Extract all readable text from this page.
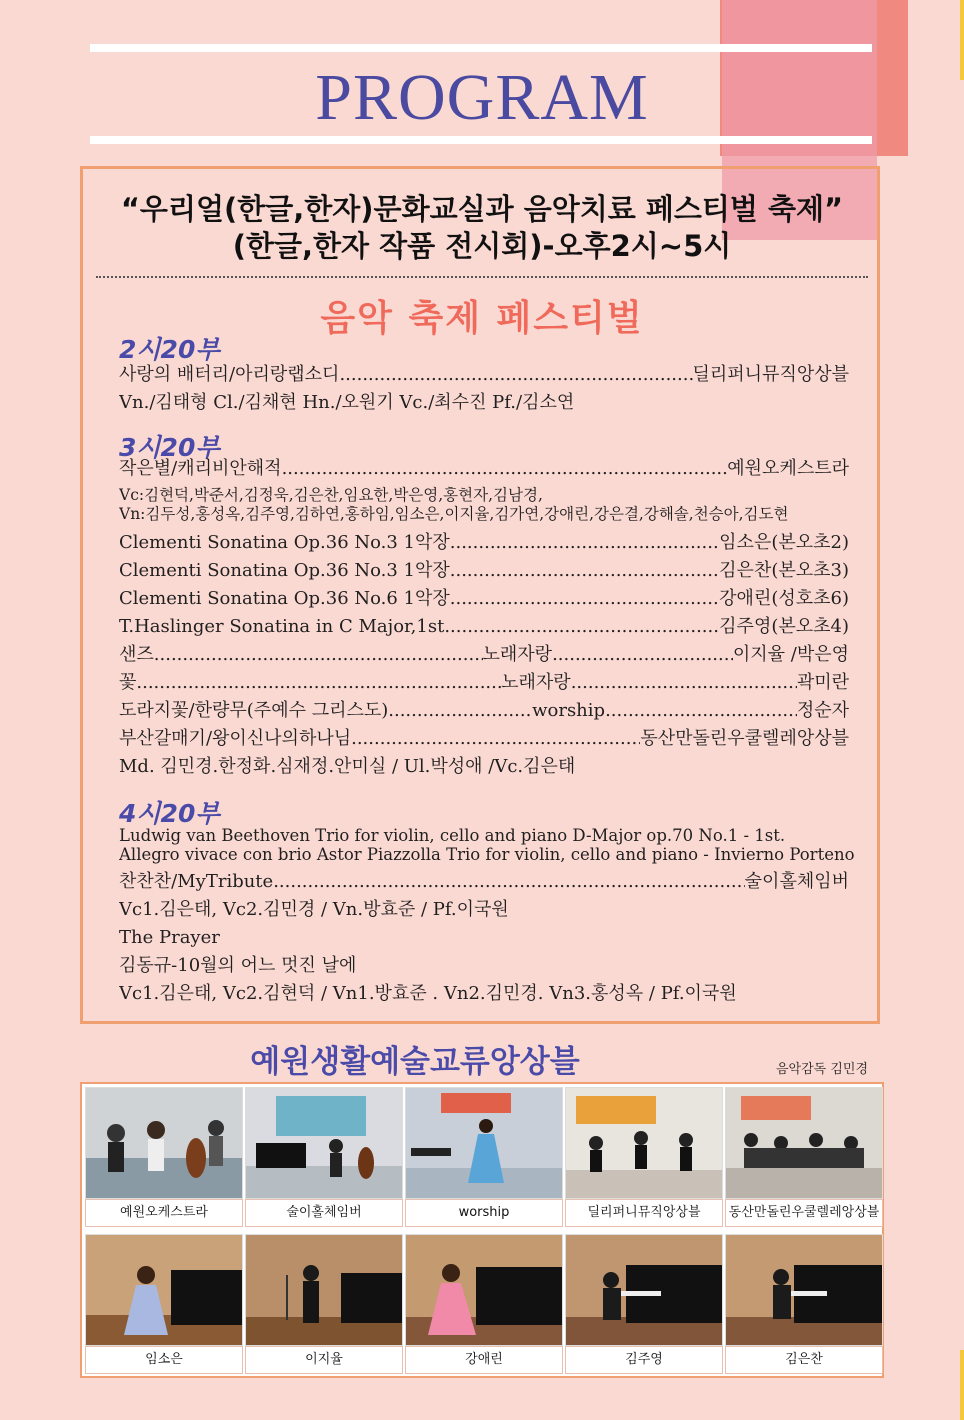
PROGRAM
“우리얼(한글,한자)문화교실과 음악치료 페스티벌 축제”
(한글,한자 작품 전시회)-오후2시~5시
음악 축제 페스티벌
2시20부
사랑의 배터리/아리랑랩소디 .....	딜리퍼니뮤직앙상블
Vn./김태형 Cl./김채현 Hn./오원기 Vc./최수진 Pf./김소연
3시20부
작은별/캐리비안해적 .....	예원오케스트라
Vc:김현덕,박준서,김정욱,김은찬,임요한,박은영,홍현자,김남경,
Vn:김두성,홍성옥,김주영,김하연,홍하임,임소은,이지율,김가연,강애린,강은결,강해솔,천승아,김도현
Clementi Sonatina Op.36 No.3 1악장 .....	임소은(본오초2)
Clementi Sonatina Op.36 No.3 1악장 .....	김은찬(본오초3)
Clementi Sonatina Op.36 No.6 1악장 .....	강애린(성호초6)
T.Haslinger Sonatina in C Major,1st .....	김주영(본오초4)
샌즈 .....	노래자랑 .....	이지율 /박은영
꽃 .....	노래자랑 .....	곽미란
도라지꽃/한량무(주예수 그리스도) .....	worship .....	정순자
부산갈매기/왕이신나의하나님 .....	동산만돌린우쿨렐레앙상블
Md. 김민경.한정화.심재정.안미실 / Ul.박성애 /Vc.김은태
4시20부
Ludwig van Beethoven Trio for violin, cello and piano D-Major op.70 No.1 - 1st.
Allegro vivace con brio Astor Piazzolla Trio for violin, cello and piano - Invierno Porteno
찬찬찬/MyTribute. .....	술이홀체임버
Vc1.김은태, Vc2.김민경 / Vn.방효준 / Pf.이국원
The Prayer
김동규-10월의 어느 멋진 날에
Vc1.김은태, Vc2.김현덕 / Vn1.방효준 . Vn2.김민경. Vn3.홍성옥 / Pf.이국원
예원생활예술교류앙상블	음악감독 김민경
예원오케스트라	술이홀체임버	worship	딜리퍼니뮤직앙상블	동산만돌린우쿨렐레앙상블
임소은	이지율	강애린	김주영	김은찬
